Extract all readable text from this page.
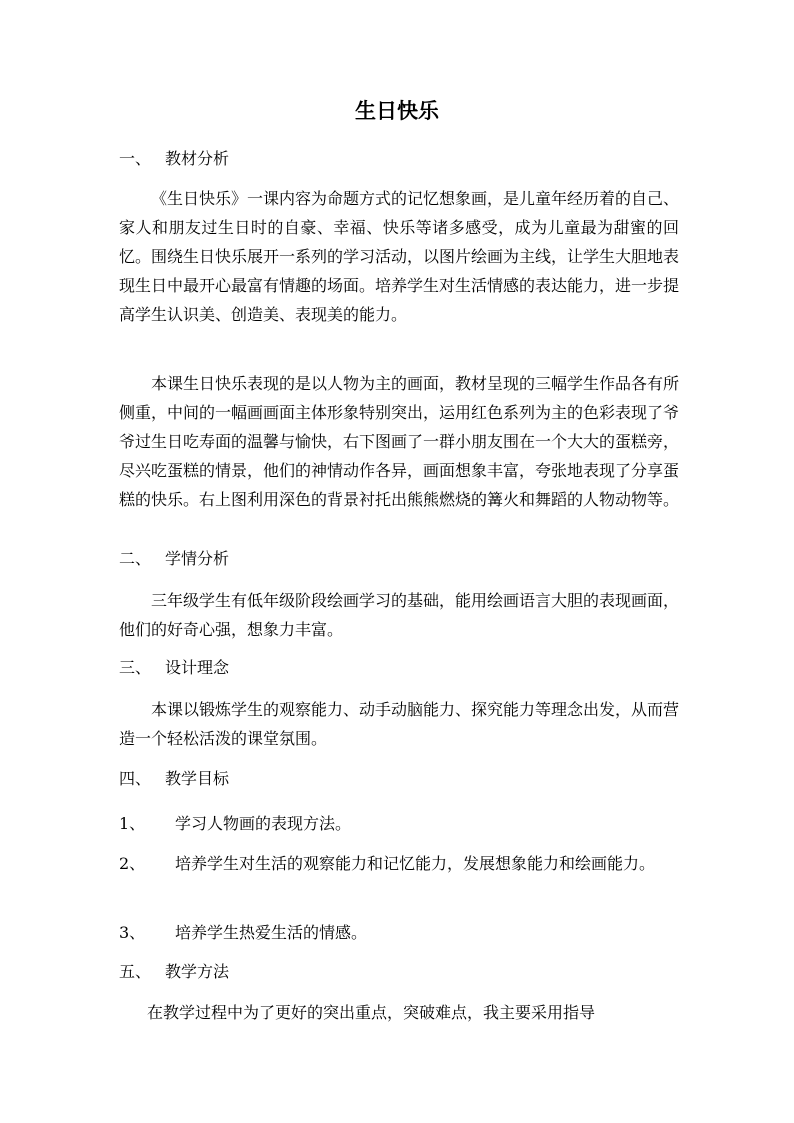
生日快乐
一、 教材分析
《生日快乐》一课内容为命题方式的记忆想象画，是儿童年经历着的自己、家人和朋友过生日时的自豪、幸福、快乐等诸多感受，成为儿童最为甜蜜的回忆。围绕生日快乐展开一系列的学习活动，以图片绘画为主线，让学生大胆地表现生日中最开心最富有情趣的场面。培养学生对生活情感的表达能力，进一步提高学生认识美、创造美、表现美的能力。
本课生日快乐表现的是以人物为主的画面，教材呈现的三幅学生作品各有所侧重，中间的一幅画画面主体形象特别突出，运用红色系列为主的色彩表现了爷爷过生日吃寿面的温馨与愉快，右下图画了一群小朋友围在一个大大的蛋糕旁，尽兴吃蛋糕的情景，他们的神情动作各异，画面想象丰富，夸张地表现了分享蛋糕的快乐。右上图利用深色的背景衬托出熊熊燃烧的篝火和舞蹈的人物动物等。
二、 学情分析
三年级学生有低年级阶段绘画学习的基础，能用绘画语言大胆的表现画面，他们的好奇心强，想象力丰富。
三、 设计理念
本课以锻炼学生的观察能力、动手动脑能力、探究能力等理念出发，从而营造一个轻松活泼的课堂氛围。
四、 教学目标
1、 学习人物画的表现方法。
2、 培养学生对生活的观察能力和记忆能力，发展想象能力和绘画能力。
3、 培养学生热爱生活的情感。
五、 教学方法
在教学过程中为了更好的突出重点，突破难点，我主要采用指导
